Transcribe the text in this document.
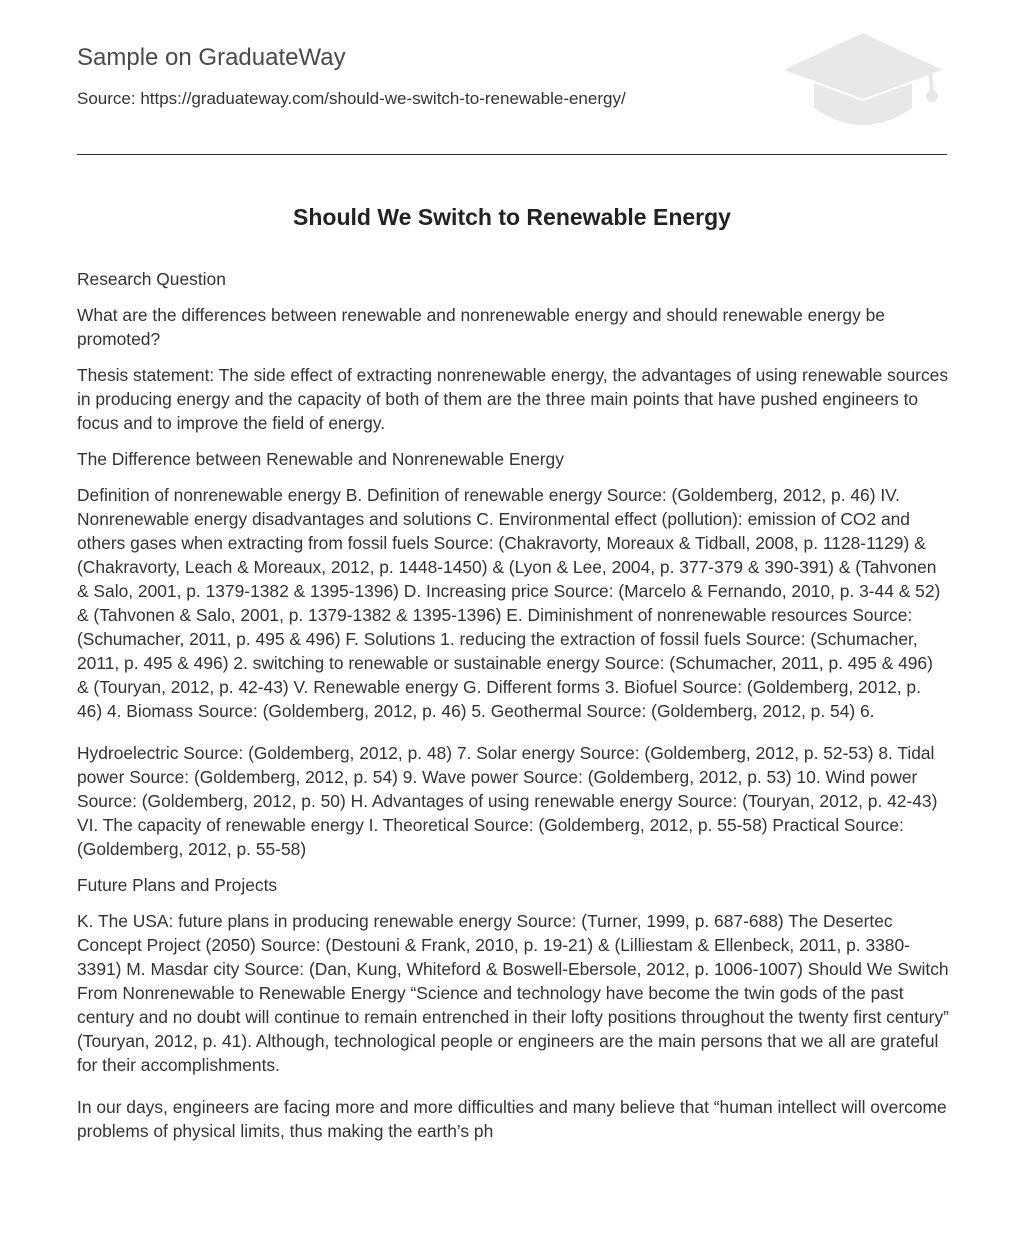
Sample on GraduateWay
Source: https://graduateway.com/should-we-switch-to-renewable-energy/
Should We Switch to Renewable Energy

Research Question

What are the differences between renewable and nonrenewable energy and should renewable energy be promoted?

Thesis statement: The side effect of extracting nonrenewable energy, the advantages of using renewable sources in producing energy and the capacity of both of them are the three main points that have pushed engineers to focus and to improve the field of energy.

The Difference between Renewable and Nonrenewable Energy

Definition of nonrenewable energy B. Definition of renewable energy Source: (Goldemberg, 2012, p. 46) IV. Nonrenewable energy disadvantages and solutions C. Environmental effect (pollution): emission of CO2 and others gases when extracting from fossil fuels Source: (Chakravorty, Moreaux & Tidball, 2008, p. 1128-1129) & (Chakravorty, Leach & Moreaux, 2012, p. 1448-1450) & (Lyon & Lee, 2004, p. 377-379 & 390-391) & (Tahvonen & Salo, 2001, p. 1379-1382 & 1395-1396) D. Increasing price Source: (Marcelo & Fernando, 2010, p. 3-44 & 52) & (Tahvonen & Salo, 2001, p. 1379-1382 & 1395-1396) E. Diminishment of nonrenewable resources Source: (Schumacher, 2011, p. 495 & 496) F. Solutions 1. reducing the extraction of fossil fuels Source: (Schumacher, 2011, p. 495 & 496) 2. switching to renewable or sustainable energy Source: (Schumacher, 2011, p. 495 & 496) & (Touryan, 2012, p. 42-43) V. Renewable energy G. Different forms 3. Biofuel Source: (Goldemberg, 2012, p. 46) 4. Biomass Source: (Goldemberg, 2012, p. 46) 5. Geothermal Source: (Goldemberg, 2012, p. 54) 6.

Hydroelectric Source: (Goldemberg, 2012, p. 48) 7. Solar energy Source: (Goldemberg, 2012, p. 52-53) 8. Tidal power Source: (Goldemberg, 2012, p. 54) 9. Wave power Source: (Goldemberg, 2012, p. 53) 10. Wind power Source: (Goldemberg, 2012, p. 50) H. Advantages of using renewable energy Source: (Touryan, 2012, p. 42-43) VI. The capacity of renewable energy I. Theoretical Source: (Goldemberg, 2012, p. 55-58) Practical Source: (Goldemberg, 2012, p. 55-58)

Future Plans and Projects

K. The USA: future plans in producing renewable energy Source: (Turner, 1999, p. 687-688) The Desertec Concept Project (2050) Source: (Destouni & Frank, 2010, p. 19-21) & (Lilliestam & Ellenbeck, 2011, p. 3380-3391) M. Masdar city Source: (Dan, Kung, Whiteford & Boswell-Ebersole, 2012, p. 1006-1007) Should We Switch From Nonrenewable to Renewable Energy “Science and technology have become the twin gods of the past century and no doubt will continue to remain entrenched in their lofty positions throughout the twenty first century” (Touryan, 2012, p. 41). Although, technological people or engineers are the main persons that we all are grateful for their accomplishments.

In our days, engineers are facing more and more difficulties and many believe that “human intellect will overcome problems of physical limits, thus making the earth’s ph
